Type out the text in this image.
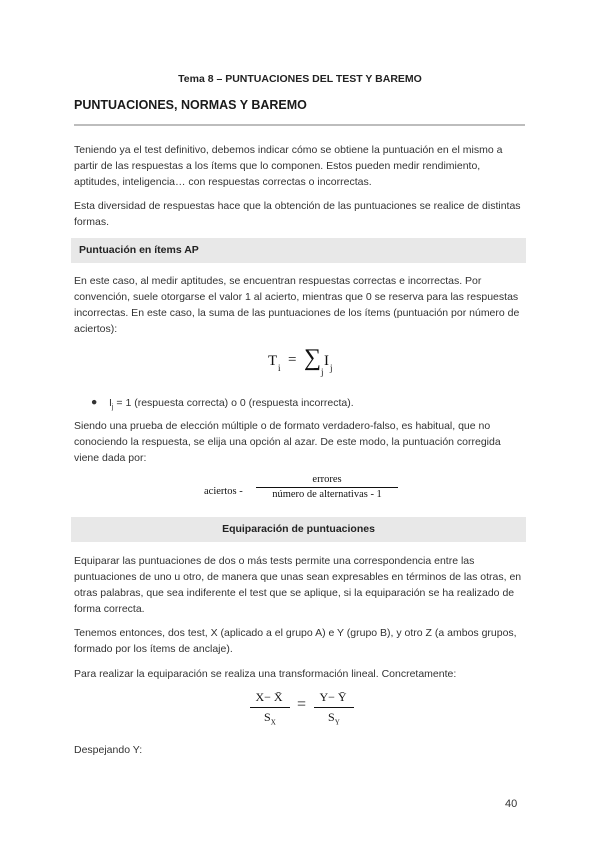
Tema 8 – PUNTUACIONES DEL TEST Y BAREMO
PUNTUACIONES, NORMAS Y BAREMO
Teniendo ya el test definitivo, debemos indicar cómo se obtiene la puntuación en el mismo a partir de las respuestas a los ítems que lo componen. Estos pueden medir rendimiento, aptitudes, inteligencia… con respuestas correctas o incorrectas.
Esta diversidad de respuestas hace que la obtención de las puntuaciones se realice de distintas formas.
Puntuación en ítems AP
En este caso, al medir aptitudes, se encuentran respuestas correctas e incorrectas. Por convención, suele otorgarse el valor 1 al acierto, mientras que 0 se reserva para las respuestas incorrectas. En este caso, la suma de las puntuaciones de los ítems (puntuación por número de aciertos):
T i = ∑
j
I j
● $I_j = 1$ (respuesta correcta) o 0 (respuesta incorrecta).
Siendo una prueba de elección múltiple o de formato verdadero-falso, es habitual, que no conociendo la respuesta, se elija una opción al azar. De este modo, la puntuación corregida viene dada por:
aciertos -
errores
número de alternativas - 1
Equiparación de puntuaciones
Equiparar las puntuaciones de dos o más tests permite una correspondencia entre las puntuaciones de uno u otro, de manera que unas sean expresables en términos de las otras, en otras palabras, que sea indiferente el test que se aplique, si la equiparación se ha realizado de forma correcta.
Tenemos entonces, dos test, X (aplicado a el grupo A) e Y (grupo B), y otro Z (a ambos grupos, formado por los ítems de anclaje).
Para realizar la equiparación se realiza una transformación lineal. Concretamente:
X− X̄
$S_X$
=	Y− Ȳ
$S_Y$
Despejando Y:
40
